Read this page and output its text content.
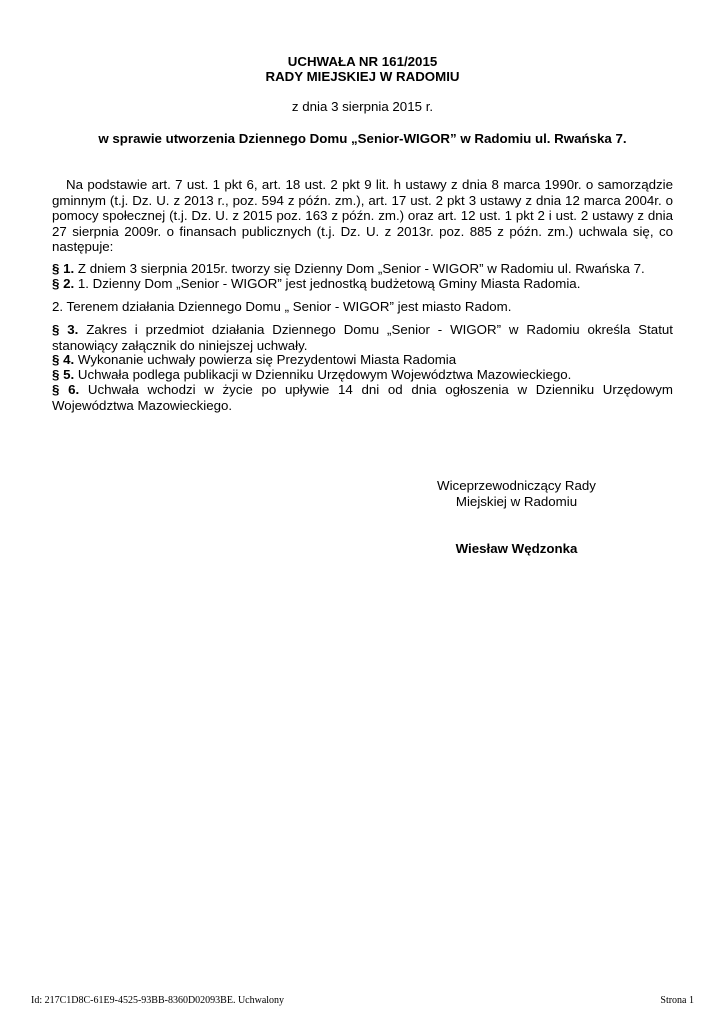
UCHWAŁA NR 161/2015
RADY MIEJSKIEJ W RADOMIU
z dnia 3 sierpnia 2015 r.
w sprawie utworzenia Dziennego Domu „Senior-WIGOR” w Radomiu ul. Rwańska 7.
Na podstawie art. 7 ust. 1 pkt 6, art. 18 ust. 2 pkt 9 lit. h ustawy z dnia 8 marca 1990r. o samorządzie gminnym (t.j. Dz. U. z 2013 r., poz. 594 z późn. zm.), art. 17 ust. 2 pkt 3 ustawy z dnia 12 marca 2004r. o pomocy społecznej (t.j. Dz. U. z 2015 poz. 163 z późn. zm.) oraz art. 12 ust. 1 pkt 2 i ust. 2 ustawy z dnia 27 sierpnia 2009r. o finansach publicznych (t.j. Dz. U. z 2013r. poz. 885 z późn. zm.) uchwala się, co następuje:
§ 1. Z dniem 3 sierpnia 2015r. tworzy się Dzienny Dom „Senior - WIGOR” w Radomiu ul. Rwańska 7.
§ 2. 1. Dzienny Dom „Senior - WIGOR” jest jednostką budżetową Gminy Miasta Radomia.
2. Terenem działania Dziennego Domu „ Senior - WIGOR” jest miasto Radom.
§ 3. Zakres i przedmiot działania Dziennego Domu „Senior - WIGOR” w Radomiu określa Statut stanowiący załącznik do niniejszej uchwały.
§ 4. Wykonanie uchwały powierza się Prezydentowi Miasta Radomia
§ 5. Uchwała podlega publikacji w Dzienniku Urzędowym Województwa Mazowieckiego.
§ 6. Uchwała wchodzi w życie po upływie 14 dni od dnia ogłoszenia w Dzienniku Urzędowym Województwa Mazowieckiego.
Wiceprzewodniczący Rady
Miejskiej w Radomiu
Wiesław Wędzonka
Id: 217C1D8C-61E9-4525-93BB-8360D02093BE. Uchwalony	Strona 1
